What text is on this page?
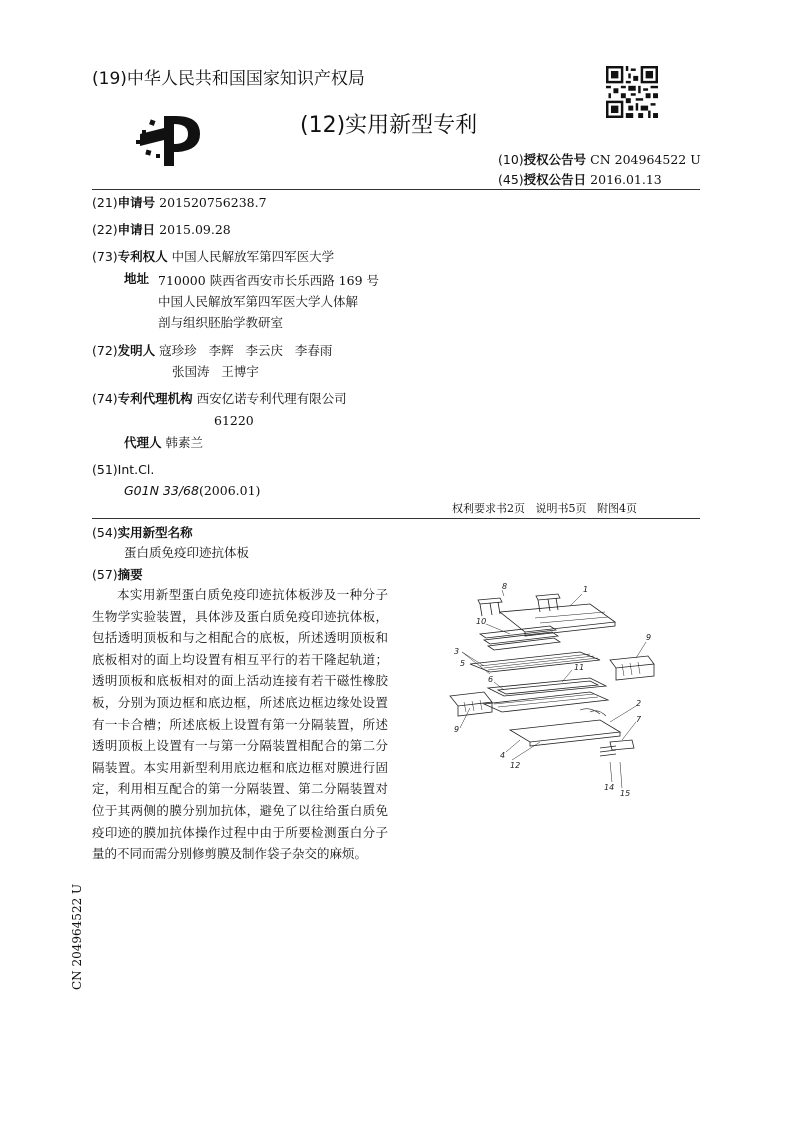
(19)中华人民共和国国家知识产权局
(12)实用新型专利
(10)授权公告号 CN 204964522 U
(45)授权公告日 2016.01.13
(21)申请号 201520756238.7
(22)申请日 2015.09.28
(73)专利权人 中国人民解放军第四军医大学
地址 710000 陕西省西安市长乐西路 169 号
中国人民解放军第四军医大学人体解
剖与组织胚胎学教研室
(72)发明人 寇珍珍   李辉   李云庆   李春雨
张国涛   王博宇
(74)专利代理机构 西安亿诺专利代理有限公司
61220
代理人 韩素兰
(51)Int.Cl.
G01N 33/68(2006.01)
权利要求书2页   说明书5页   附图4页
(54)实用新型名称
蛋白质免疫印迹抗体板
(57)摘要
本实用新型蛋白质免疫印迹抗体板涉及一种分子生物学实验装置，具体涉及蛋白质免疫印迹抗体板，包括透明顶板和与之相配合的底板，所述透明顶板和底板相对的面上均设置有相互平行的若干隆起轨道；透明顶板和底板相对的面上活动连接有若干磁性橡胶板，分别为顶边框和底边框，所述底边框边缘处设置有一卡合槽；所述底板上设置有第一分隔装置，所述透明顶板上设置有一与第一分隔装置相配合的第二分隔装置。本实用新型利用底边框和底边框对膜进行固定，利用相互配合的第一分隔装置、第二分隔装置对位于其两侧的膜分别加抗体，避免了以往给蛋白质免疫印迹的膜加抗体操作过程中由于所要检测蛋白分子量的不同而需分别修剪膜及制作袋子杂交的麻烦。
CN 204964522 U
8	1
10
9
3
5	11
6
9
2
7
4
12
14
15
